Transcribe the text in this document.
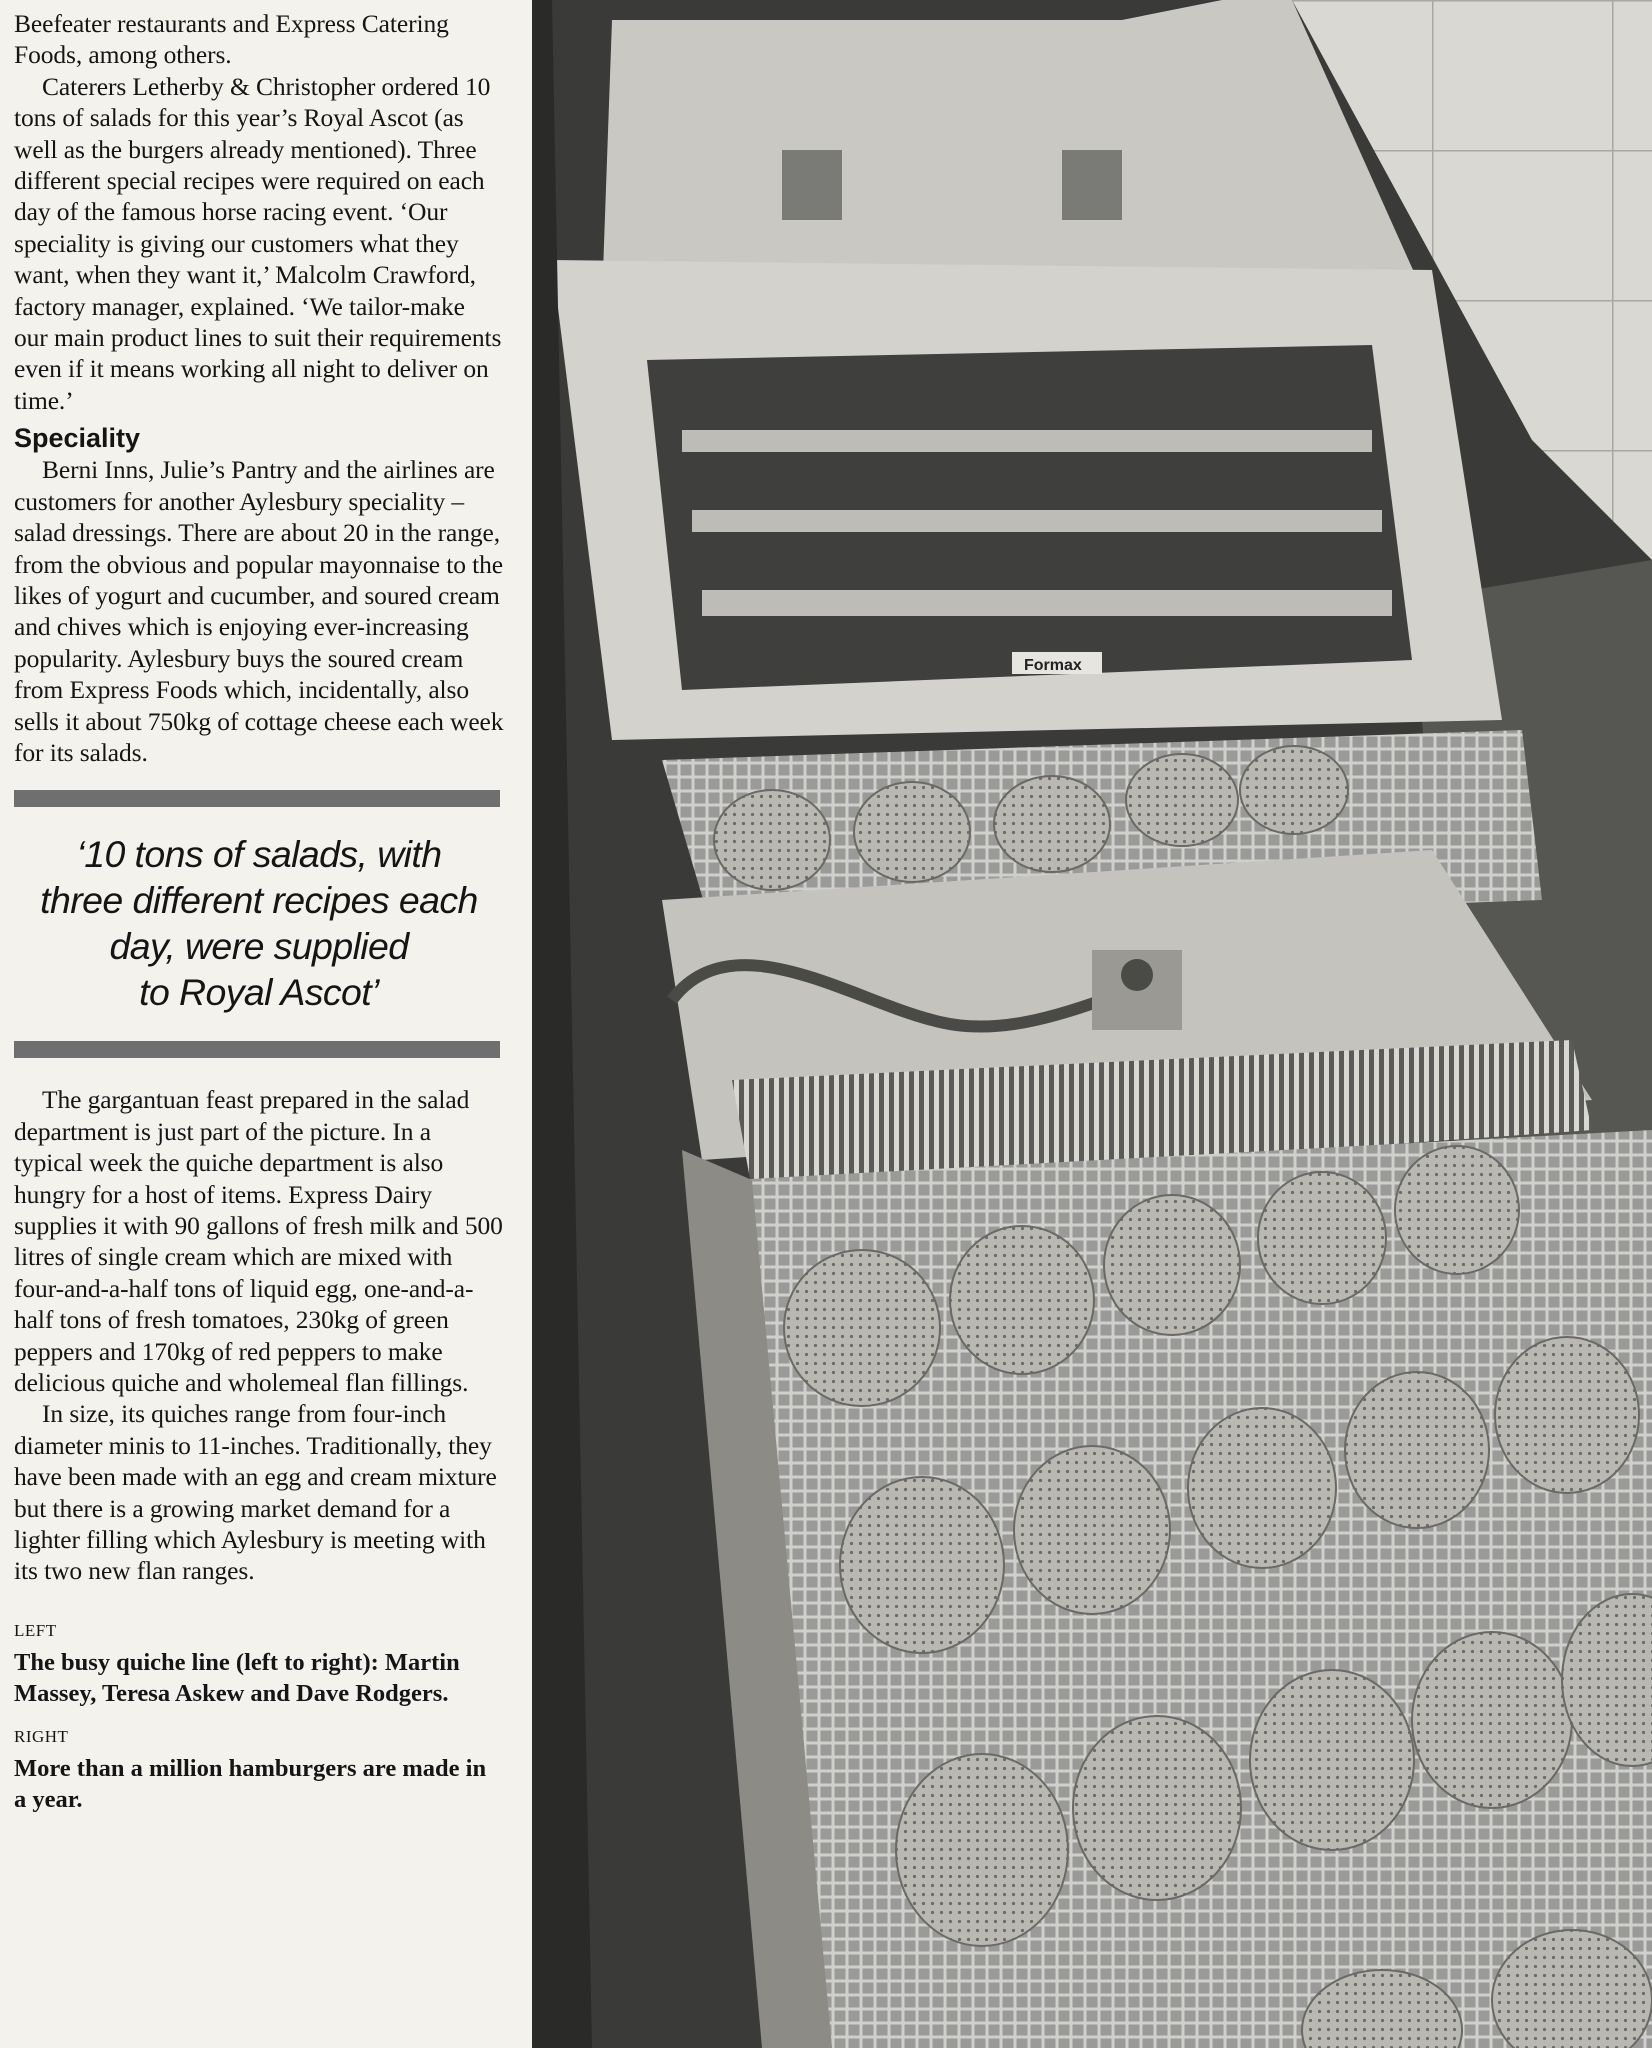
Beefeater restaurants and Express Catering Foods, among others.

Caterers Letherby & Christopher ordered 10 tons of salads for this year’s Royal Ascot (as well as the burgers already mentioned). Three different special recipes were required on each day of the famous horse racing event. ‘Our speciality is giving our customers what they want, when they want it,’ Malcolm Crawford, factory manager, explained. ‘We tailor-make our main product lines to suit their requirements even if it means working all night to deliver on time.’

Speciality

Berni Inns, Julie’s Pantry and the airlines are customers for another Aylesbury speciality – salad dressings. There are about 20 in the range, from the obvious and popular mayonnaise to the likes of yogurt and cucumber, and soured cream and chives which is enjoying ever-increasing popularity. Aylesbury buys the soured cream from Express Foods which, incidentally, also sells it about 750kg of cottage cheese each week for its salads.

‘10 tons of salads, with

three different recipes each

day, were supplied

to Royal Ascot’

The gargantuan feast prepared in the salad department is just part of the picture. In a typical week the quiche department is also hungry for a host of items. Express Dairy supplies it with 90 gallons of fresh milk and 500 litres of single cream which are mixed with four-and-a-half tons of liquid egg, one-and-a-half tons of fresh tomatoes, 230kg of green peppers and 170kg of red peppers to make delicious quiche and wholemeal flan fillings.

In size, its quiches range from four-inch diameter minis to 11-inches. Traditionally, they have been made with an egg and cream mixture but there is a growing market demand for a lighter filling which Aylesbury is meeting with its two new flan ranges.

LEFT

The busy quiche line (left to right): Martin Massey, Teresa Askew and Dave Rodgers.

RIGHT

More than a million hamburgers are made in a year.

Formax
